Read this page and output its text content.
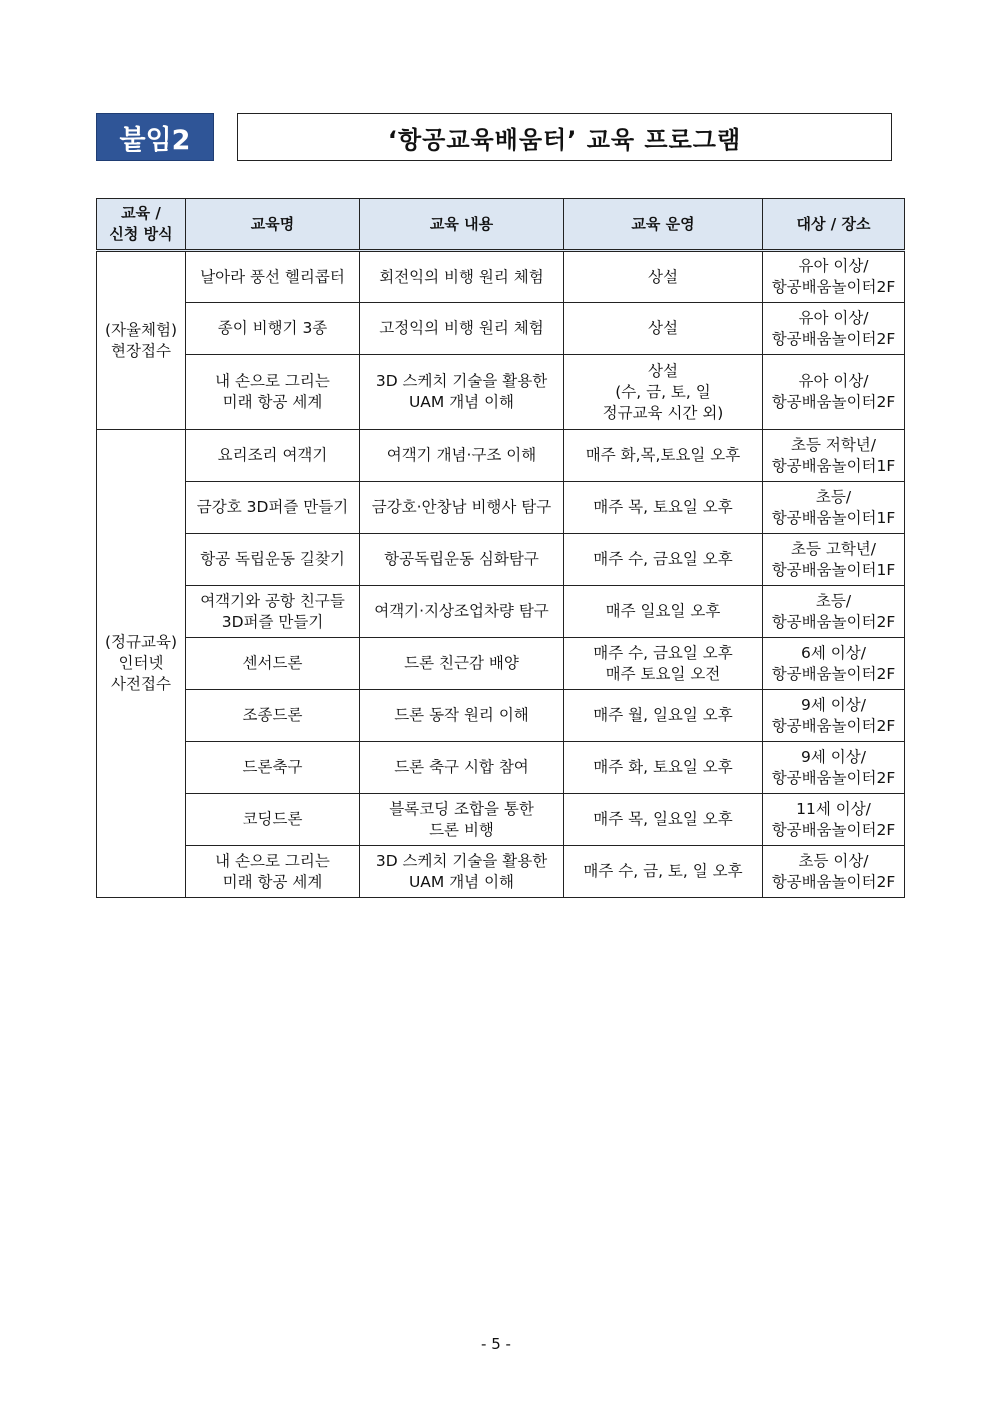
붙임2	‘항공교육배움터’ 교육 프로그램
교육 /
신청 방식	교육명	교육 내용	교육 운영	대상 / 장소
(자율체험)
현장접수	날아라 풍선 헬리콥터	회전익의 비행 원리 체험	상설	유아 이상/
항공배움놀이터2F
	종이 비행기 3종	고정익의 비행 원리 체험	상설	유아 이상/
항공배움놀이터2F
	내 손으로 그리는
미래 항공 세계	3D 스케치 기술을 활용한
UAM 개념 이해	상설
(수, 금, 토, 일
정규교육 시간 외)	유아 이상/
항공배움놀이터2F
(정규교육)
인터넷
사전접수	요리조리 여객기	여객기 개념·구조 이해	매주 화,목,토요일 오후	초등 저학년/
항공배움놀이터1F
	금강호 3D퍼즐 만들기	금강호·안창남 비행사 탐구	매주 목, 토요일 오후	초등/
항공배움놀이터1F
	항공 독립운동 길찾기	항공독립운동 심화탐구	매주 수, 금요일 오후	초등 고학년/
항공배움놀이터1F
	여객기와 공항 친구들
3D퍼즐 만들기	여객기·지상조업차량 탐구	매주 일요일 오후	초등/
항공배움놀이터2F
	센서드론	드론 친근감 배양	매주 수, 금요일 오후
매주 토요일 오전	6세 이상/
항공배움놀이터2F
	조종드론	드론 동작 원리 이해	매주 월, 일요일 오후	9세 이상/
항공배움놀이터2F
	드론축구	드론 축구 시합 참여	매주 화, 토요일 오후	9세 이상/
항공배움놀이터2F
	코딩드론	블록코딩 조합을 통한
드론 비행	매주 목, 일요일 오후	11세 이상/
항공배움놀이터2F
	내 손으로 그리는
미래 항공 세계	3D 스케치 기술을 활용한
UAM 개념 이해	매주 수, 금, 토, 일 오후	초등 이상/
항공배움놀이터2F
- 5 -
